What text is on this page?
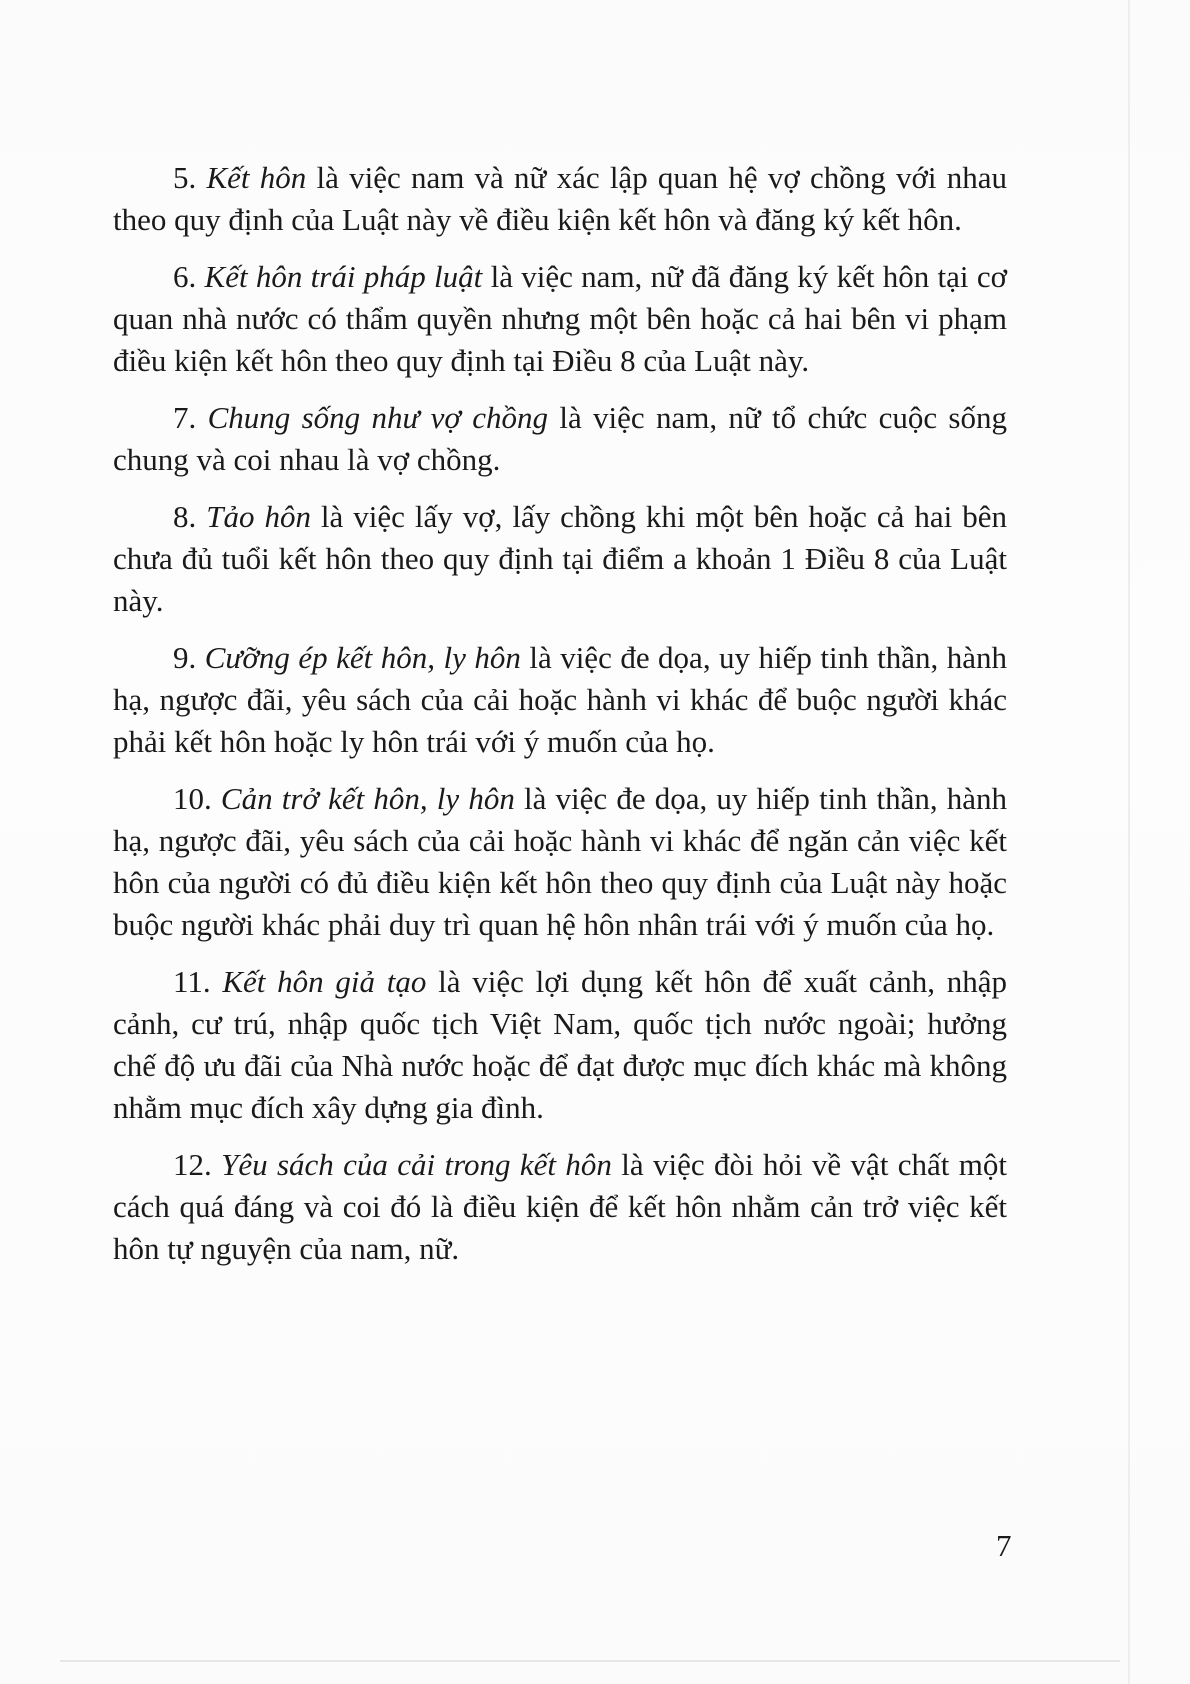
5. Kết hôn là việc nam và nữ xác lập quan hệ vợ chồng với nhau theo quy định của Luật này về điều kiện kết hôn và đăng ký kết hôn.

6. Kết hôn trái pháp luật là việc nam, nữ đã đăng ký kết hôn tại cơ quan nhà nước có thẩm quyền nhưng một bên hoặc cả hai bên vi phạm điều kiện kết hôn theo quy định tại Điều 8 của Luật này.

7. Chung sống như vợ chồng là việc nam, nữ tổ chức cuộc sống chung và coi nhau là vợ chồng.

8. Tảo hôn là việc lấy vợ, lấy chồng khi một bên hoặc cả hai bên chưa đủ tuổi kết hôn theo quy định tại điểm a khoản 1 Điều 8 của Luật này.

9. Cưỡng ép kết hôn, ly hôn là việc đe dọa, uy hiếp tinh thần, hành hạ, ngược đãi, yêu sách của cải hoặc hành vi khác để buộc người khác phải kết hôn hoặc ly hôn trái với ý muốn của họ.

10. Cản trở kết hôn, ly hôn là việc đe dọa, uy hiếp tinh thần, hành hạ, ngược đãi, yêu sách của cải hoặc hành vi khác để ngăn cản việc kết hôn của người có đủ điều kiện kết hôn theo quy định của Luật này hoặc buộc người khác phải duy trì quan hệ hôn nhân trái với ý muốn của họ.

11. Kết hôn giả tạo là việc lợi dụng kết hôn để xuất cảnh, nhập cảnh, cư trú, nhập quốc tịch Việt Nam, quốc tịch nước ngoài; hưởng chế độ ưu đãi của Nhà nước hoặc để đạt được mục đích khác mà không nhằm mục đích xây dựng gia đình.

12. Yêu sách của cải trong kết hôn là việc đòi hỏi về vật chất một cách quá đáng và coi đó là điều kiện để kết hôn nhằm cản trở việc kết hôn tự nguyện của nam, nữ.

7
